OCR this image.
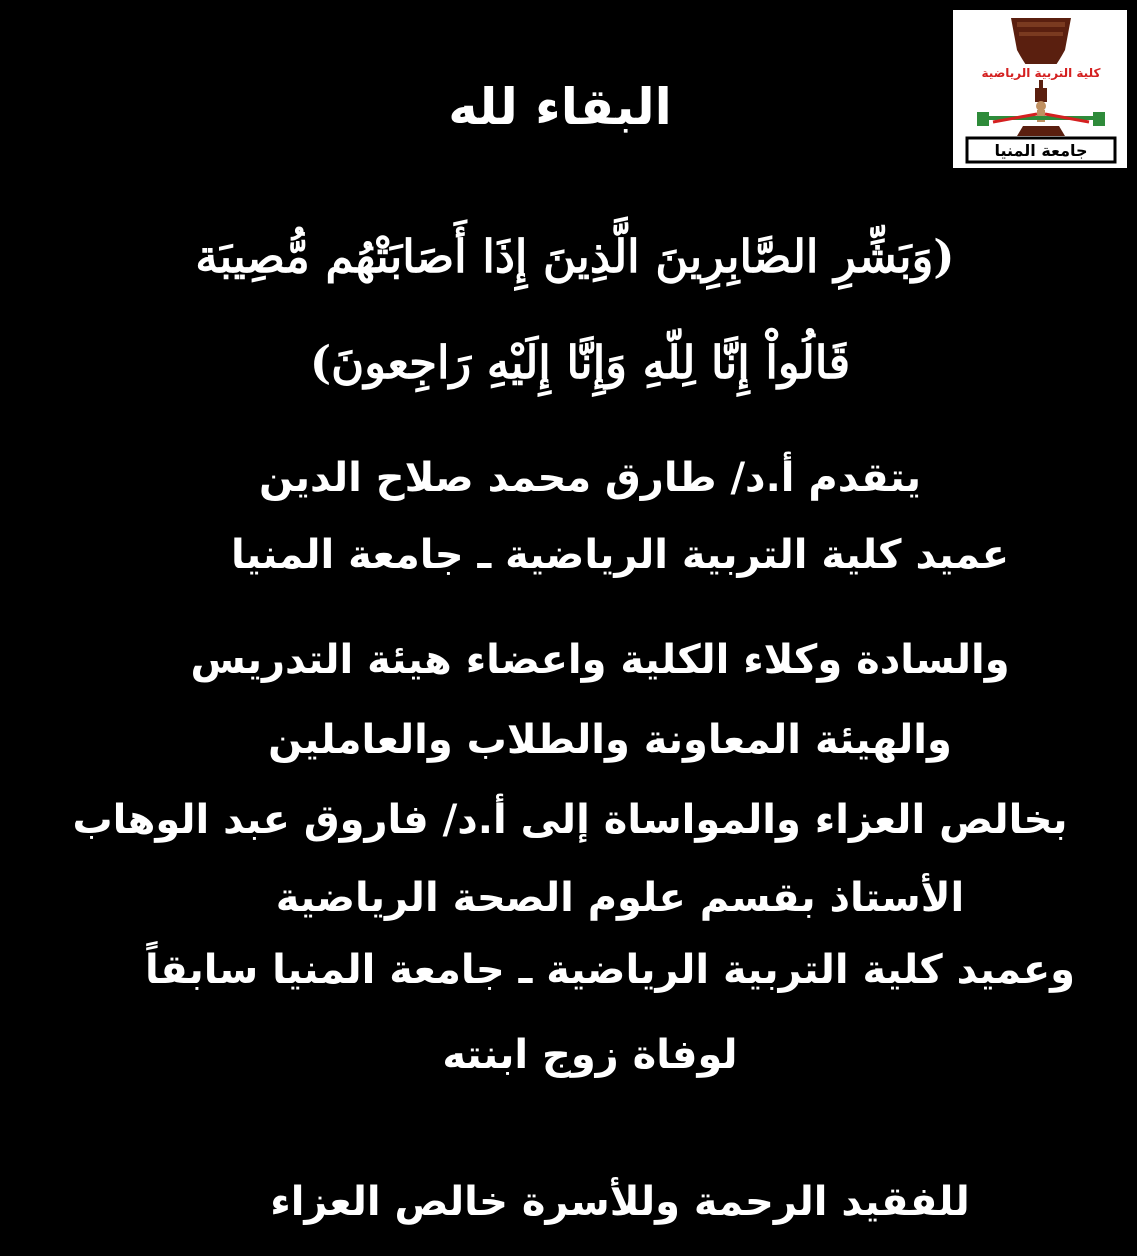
كلية التربية الرياضية
جامعة المنيا
البقاء لله
(وَبَشِّرِ الصَّابِرِينَ الَّذِينَ إِذَا أَصَابَتْهُم مُّصِيبَة
قَالُواْ إِنَّا لِلّهِ وَإِنَّا إِلَيْهِ رَاجِعونَ)
يتقدم أ.د/ طارق محمد صلاح الدين
عميد كلية التربية الرياضية ـ جامعة المنيا
والسادة وكلاء الكلية واعضاء هيئة التدريس
والهيئة المعاونة والطلاب والعاملين
بخالص العزاء والمواساة إلى أ.د/ فاروق عبد الوهاب
الأستاذ بقسم علوم الصحة الرياضية
وعميد كلية التربية الرياضية ـ جامعة المنيا سابقاً
لوفاة زوج ابنته
للفقيد الرحمة وللأسرة خالص العزاء
